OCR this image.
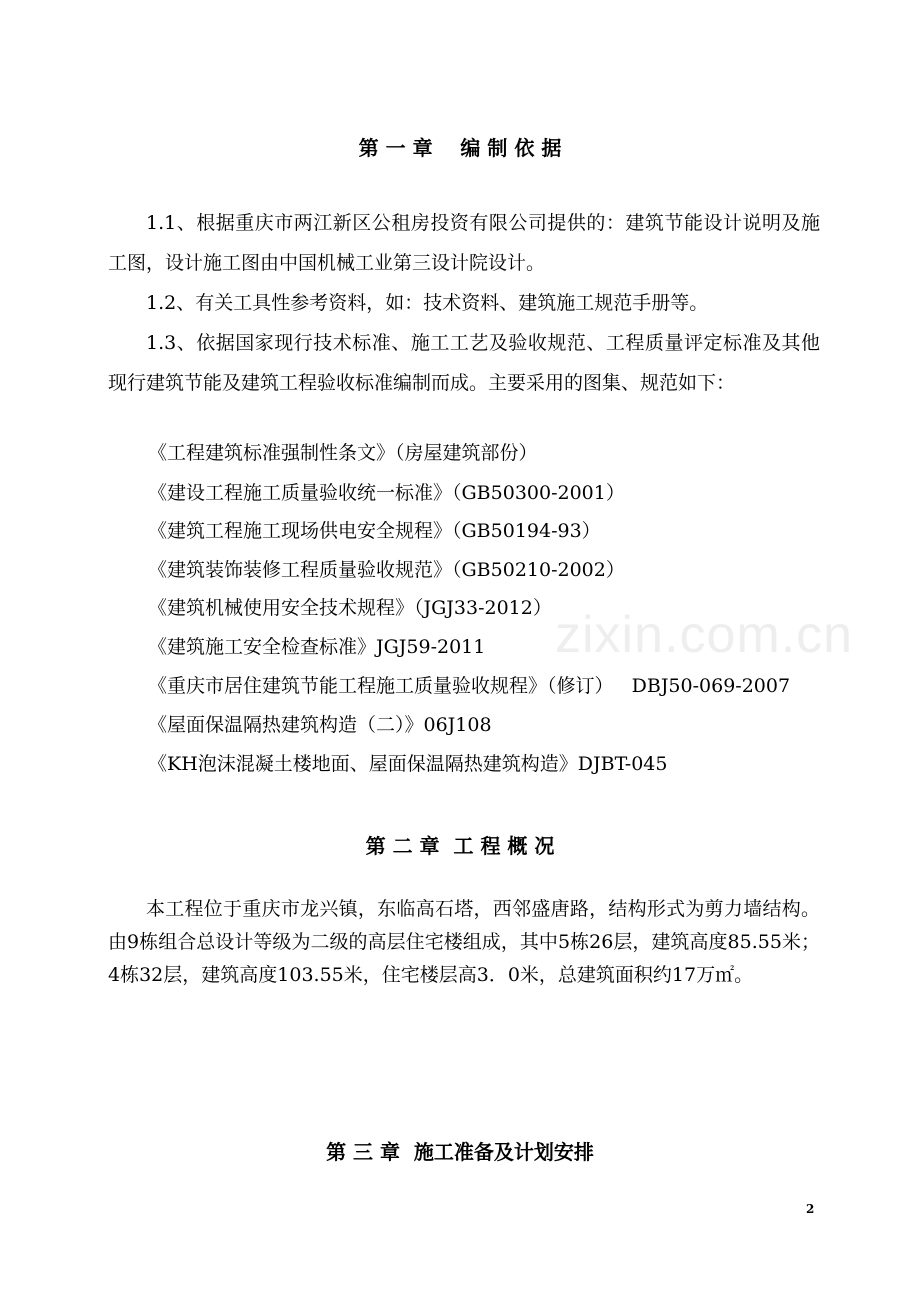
zixin.com.cn
第 一 章    编 制 依 据
1.1、根据重庆市两江新区公租房投资有限公司提供的：建筑节能设计说明及施工图，设计施工图由中国机械工业第三设计院设计。
1.2、有关工具性参考资料，如：技术资料、建筑施工规范手册等。
1.3、依据国家现行技术标准、施工工艺及验收规范、工程质量评定标准及其他现行建筑节能及建筑工程验收标准编制而成。主要采用的图集、规范如下：
《工程建筑标准强制性条文》（房屋建筑部份）
《建设工程施工质量验收统一标准》（GB50300-2001）
《建筑工程施工现场供电安全规程》（GB50194-93）
《建筑装饰装修工程质量验收规范》（GB50210-2002）
《建筑机械使用安全技术规程》（JGJ33-2012）
《建筑施工安全检查标准》JGJ59-2011
《重庆市居住建筑节能工程施工质量验收规程》（修订）   DBJ50-069-2007
《屋面保温隔热建筑构造（二）》06J108
《KH泡沫混凝土楼地面、屋面保温隔热建筑构造》DJBT-045
第 二 章  工 程 概 况
本工程位于重庆市龙兴镇，东临高石塔，西邻盛唐路，结构形式为剪力墙结构。由9栋组合总设计等级为二级的高层住宅楼组成，其中5栋26层，建筑高度85.55米；4栋32层，建筑高度103.55米，住宅楼层高3．0米，总建筑面积约17万㎡。
第 三 章  施工准备及计划安排
2
